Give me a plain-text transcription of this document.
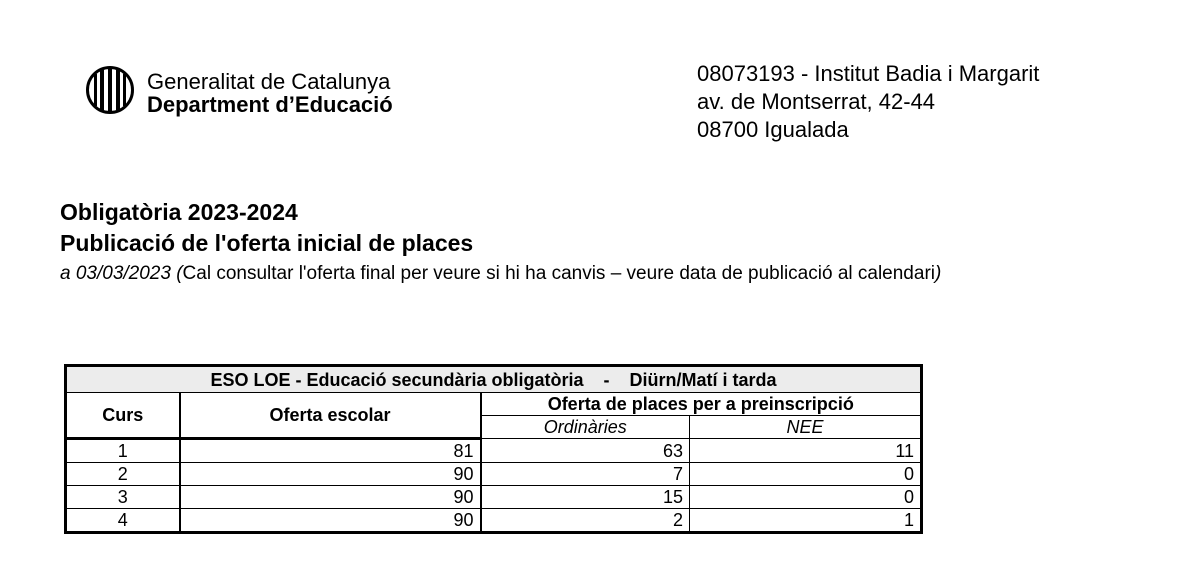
Generalitat de Catalunya
Department d’Educació
08073193 - Institut Badia i Margarit
av. de Montserrat, 42-44
08700 Igualada
Obligatòria 2023-2024
Publicació de l'oferta inicial de places
a 03/03/2023 (Cal consultar l'oferta final per veure si hi ha canvis – veure data de publicació al calendari)
ESO LOE - Educació secundària obligatòria    -    Diürn/Matí i tarda			
Curs	Oferta escolar	Oferta de places per a preinscripció	
		Ordinàries	NEE
1	81	63	11
2	90	7	0
3	90	15	0
4	90	2	1
